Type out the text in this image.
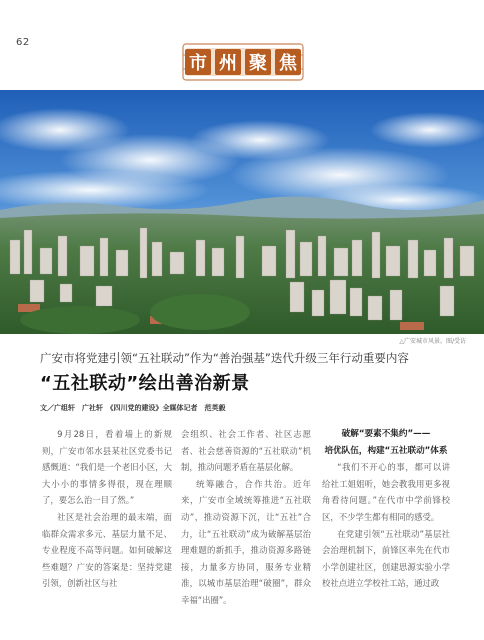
62
市 州 聚 焦
△广安城市风景。图/受访
广安市将党建引领“五社联动”作为“善治强基”迭代升级三年行动重要内容
“五社联动”绘出善治新景
文／广组轩　广社轩　《四川党的建设》全媒体记者　范英毅

9月28日，看着墙上的新规则，广安市邻水县某社区党委书记感慨道：“我们是一个老旧小区，大大小小的事情多得很，现在理顺了，要怎么治一目了然。”

社区是社会治理的最末端，面临群众需求多元、基层力量不足、专业程度不高等问题。如何破解这些难题？广安的答案是：坚持党建引领，创新社区与社

会组织、社会工作者、社区志愿者、社会慈善资源的“五社联动”机制，推动问题矛盾在基层化解。

统筹融合，合作共治。近年来，广安市全域统筹推进“五社联动”，推动资源下沉，让“五社”合力，让“五社联动”成为破解基层治理难题的新抓手，推动资源多路链接，力量多方协同，服务专业精准，以城市基层治理“破圈”，群众幸福“出圈”。

破解“要素不集约”——

培优队伍，构建“五社联动”体系

“我们不开心的事，都可以讲给社工姐姐听，她会教我用更多视角看待问题。”在代市中学前锋校区，不少学生都有相同的感受。

在党建引领“五社联动”基层社会治理机制下，前锋区率先在代市小学创建社区，创建思源实验小学校社点进立学校社工站，通过政
